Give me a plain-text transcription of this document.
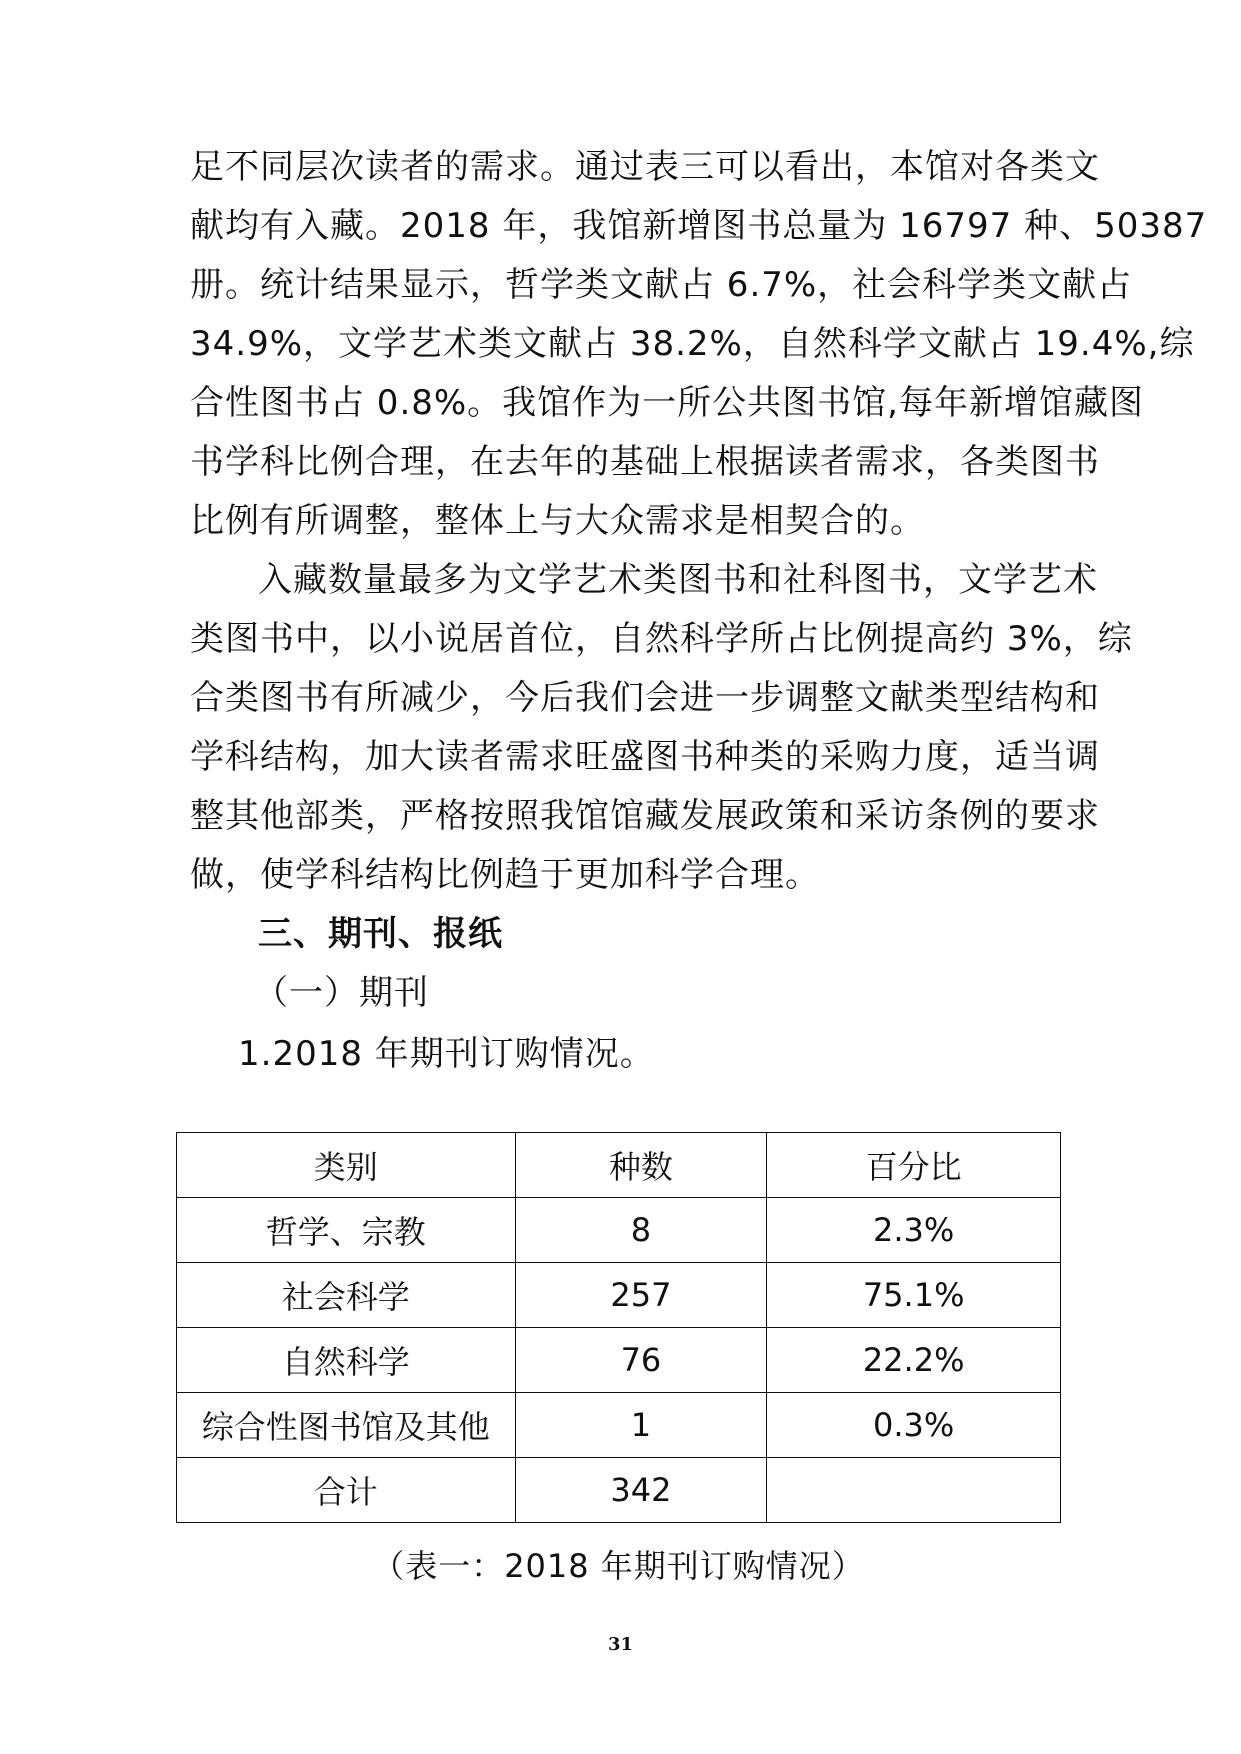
足不同层次读者的需求。通过表三可以看出，本馆对各类文
献均有入藏。2018 年，我馆新增图书总量为 16797 种、50387
册。统计结果显示，哲学类文献占 6.7%，社会科学类文献占
34.9%，文学艺术类文献占 38.2%，自然科学文献占 19.4%,综
合性图书占 0.8%。我馆作为一所公共图书馆,每年新增馆藏图
书学科比例合理，在去年的基础上根据读者需求，各类图书
比例有所调整，整体上与大众需求是相契合的。
入藏数量最多为文学艺术类图书和社科图书，文学艺术
类图书中，以小说居首位，自然科学所占比例提高约 3%，综
合类图书有所减少，今后我们会进一步调整文献类型结构和
学科结构，加大读者需求旺盛图书种类的采购力度，适当调
整其他部类，严格按照我馆馆藏发展政策和采访条例的要求
做，使学科结构比例趋于更加科学合理。
三、期刊、报纸
（一）期刊
1.2018 年期刊订购情况。
类别	种数	百分比
哲学、宗教	8	2.3%
社会科学	257	75.1%
自然科学	76	22.2%
综合性图书馆及其他	1	0.3%
合计	342	
（表一：2018 年期刊订购情况）
31
